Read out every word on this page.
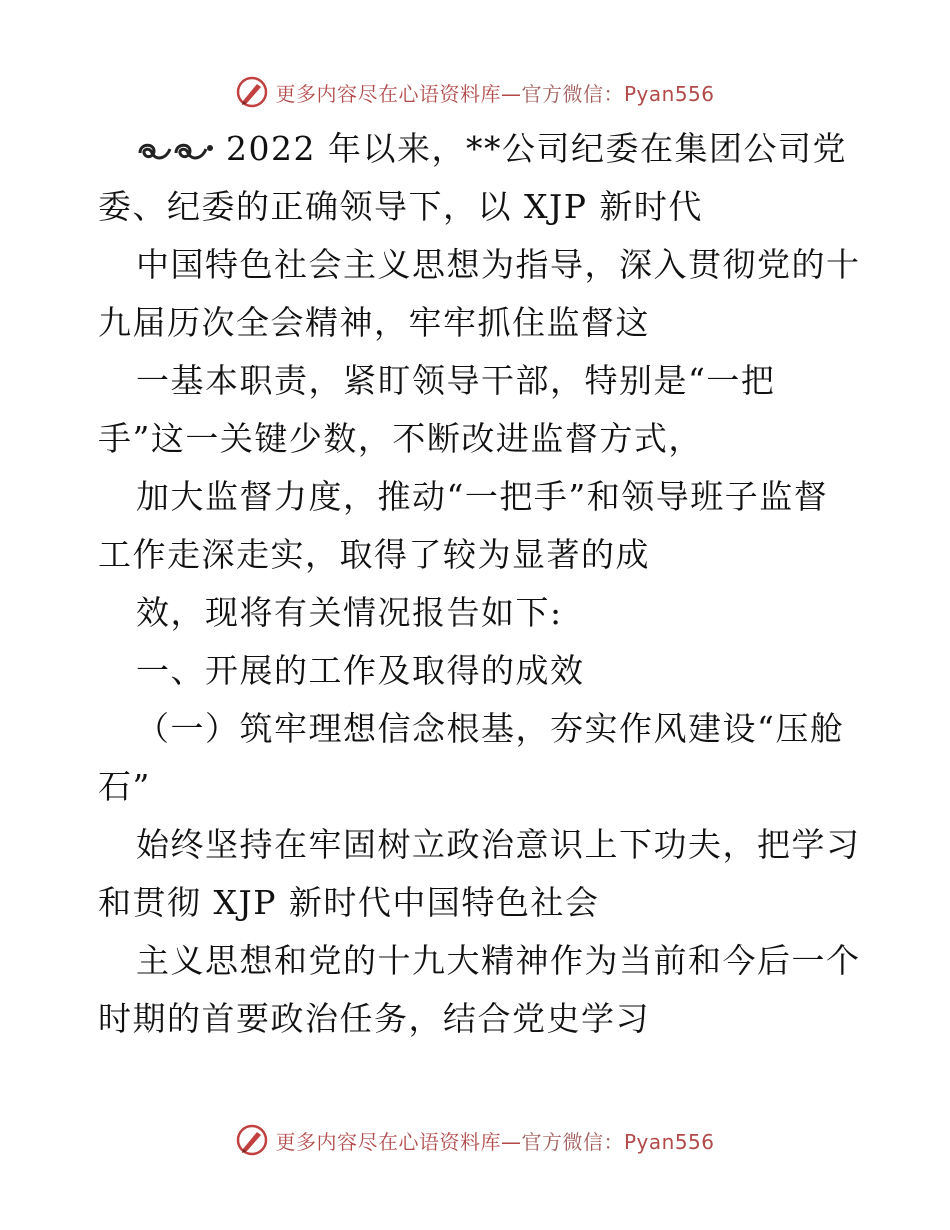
更多内容尽在心语资料库—官方微信：Pyan556
2022 年以来，**公司纪委在集团公司党
委、纪委的正确领导下，以 XJP 新时代
中国特色社会主义思想为指导，深入贯彻党的十
九届历次全会精神，牢牢抓住监督这
一基本职责，紧盯领导干部，特别是“一把
手”这一关键少数，不断改进监督方式，
加大监督力度，推动“一把手”和领导班子监督
工作走深走实，取得了较为显著的成
效，现将有关情况报告如下:
一、开展的工作及取得的成效
（一）筑牢理想信念根基，夯实作风建设“压舱
石”
始终坚持在牢固树立政治意识上下功夫，把学习
和贯彻 XJP 新时代中国特色社会
主义思想和党的十九大精神作为当前和今后一个
时期的首要政治任务，结合党史学习
更多内容尽在心语资料库—官方微信：Pyan556
